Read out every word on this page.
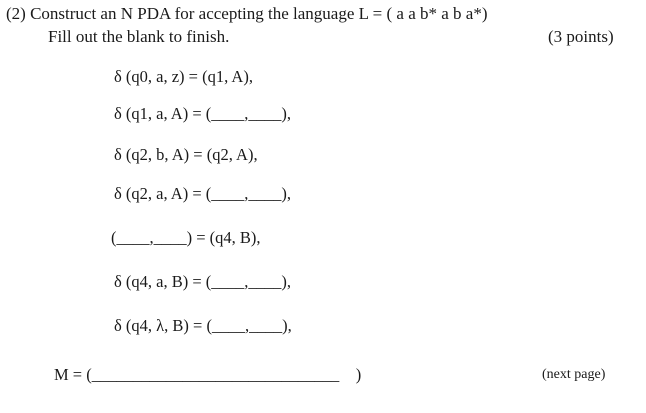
(2) Construct an N PDA for accepting the language L = ( a a b* a b a*)
Fill out the blank to finish.	(3 points)
δ (q0, a, z) = (q1, A),
δ (q1, a, A) = (____,____),
δ (q2, b, A) = (q2, A),
δ (q2, a, A) = (____,____),
(____,____) = (q4, B),
δ (q4, a, B) = (____,____),
δ (q4, λ, B) = (____,____),
M = (______________________________    )	(next page)
